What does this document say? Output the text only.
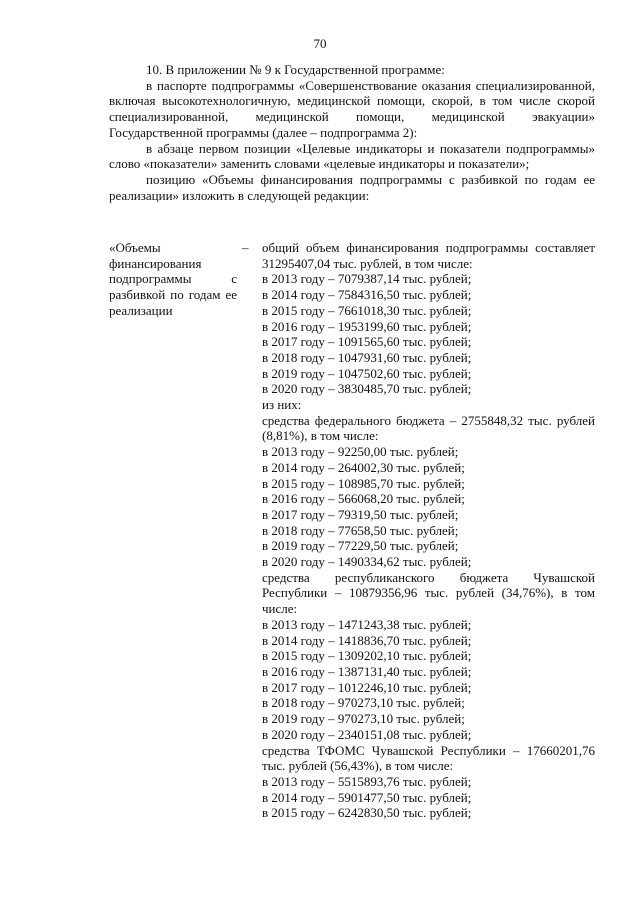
70

10. В приложении № 9 к Государственной программе:

в паспорте подпрограммы «Совершенствование оказания специализированной, включая высокотехнологичную, медицинской помощи, скорой, в том числе скорой специализированной, медицинской помощи, медицинской эвакуации» Государственной программы (далее – подпрограмма 2):

в абзаце первом позиции «Целевые индикаторы и показатели подпрограммы» слово «показатели» заменить словами «целевые индикаторы и показатели»;

позицию «Объемы финансирования подпрограммы с разбивкой по годам ее реализации» изложить в следующей редакции:

«Объемы финансирования подпрограммы с разбивкой по годам ее реализации
– общий объем финансирования подпрограммы составляет 31295407,04 тыс. рублей, в том числе:
в 2013 году – 7079387,14 тыс. рублей;
в 2014 году – 7584316,50 тыс. рублей;
в 2015 году – 7661018,30 тыс. рублей;
в 2016 году – 1953199,60 тыс. рублей;
в 2017 году – 1091565,60 тыс. рублей;
в 2018 году – 1047931,60 тыс. рублей;
в 2019 году – 1047502,60 тыс. рублей;
в 2020 году – 3830485,70 тыс. рублей;
из них:
средства федерального бюджета – 2755848,32 тыс. рублей (8,81%), в том числе:
в 2013 году – 92250,00 тыс. рублей;
в 2014 году – 264002,30 тыс. рублей;
в 2015 году – 108985,70 тыс. рублей;
в 2016 году – 566068,20 тыс. рублей;
в 2017 году – 79319,50 тыс. рублей;
в 2018 году – 77658,50 тыс. рублей;
в 2019 году – 77229,50 тыс. рублей;
в 2020 году – 1490334,62 тыс. рублей;
средства республиканского бюджета Чувашской Республики – 10879356,96 тыс. рублей (34,76%), в том числе:
в 2013 году – 1471243,38 тыс. рублей;
в 2014 году – 1418836,70 тыс. рублей;
в 2015 году – 1309202,10 тыс. рублей;
в 2016 году – 1387131,40 тыс. рублей;
в 2017 году – 1012246,10 тыс. рублей;
в 2018 году – 970273,10 тыс. рублей;
в 2019 году – 970273,10 тыс. рублей;
в 2020 году – 2340151,08 тыс. рублей;
средства ТФОМС Чувашской Республики – 17660201,76 тыс. рублей (56,43%), в том числе:
в 2013 году – 5515893,76 тыс. рублей;
в 2014 году – 5901477,50 тыс. рублей;
в 2015 году – 6242830,50 тыс. рублей;
